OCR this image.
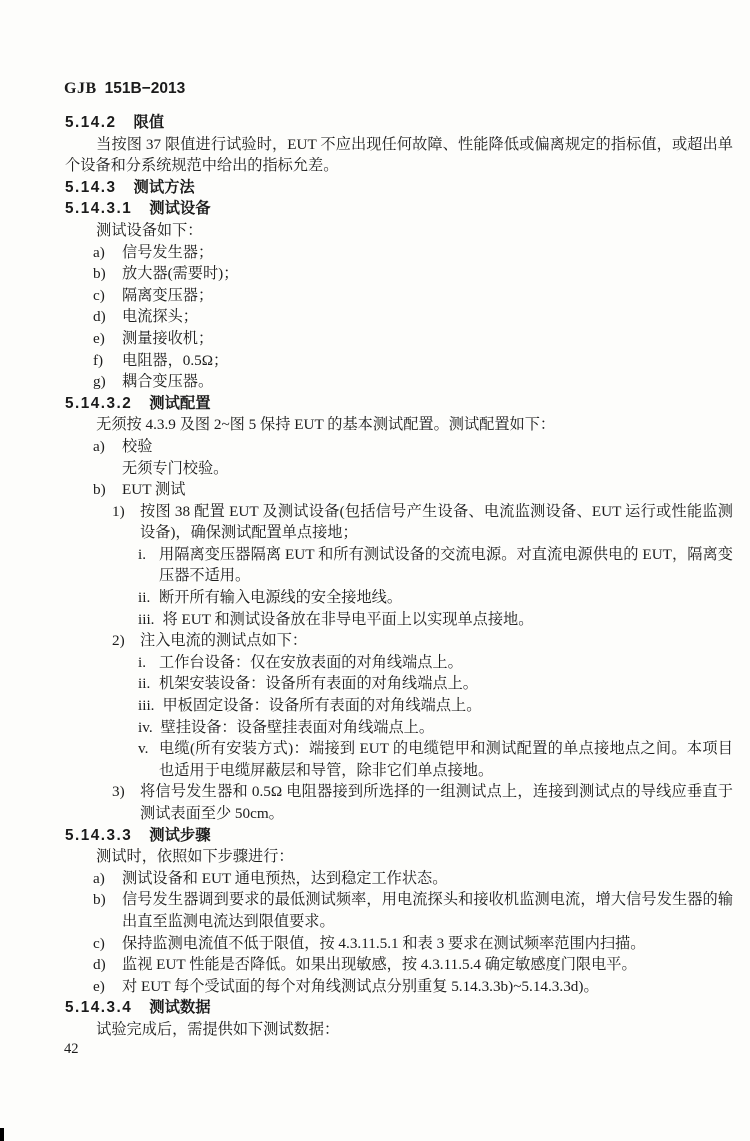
GJB 151B−2013
5.14.2 限值
当按图 37 限值进行试验时，EUT 不应出现任何故障、性能降低或偏离规定的指标值，或超出单个设备和分系统规范中给出的指标允差。
5.14.3 测试方法
5.14.3.1 测试设备
测试设备如下：
a)	信号发生器；
b)	放大器(需要时)；
c)	隔离变压器；
d)	电流探头；
e)	测量接收机；
f)	电阻器，0.5Ω；
g)	耦合变压器。
5.14.3.2 测试配置
无须按 4.3.9 及图 2~图 5 保持 EUT 的基本测试配置。测试配置如下：
a)	校验
无须专门校验。
b)	EUT 测试
1)	按图 38 配置 EUT 及测试设备(包括信号产生设备、电流监测设备、EUT 运行或性能监测设备)，确保测试配置单点接地；
i. 用隔离变压器隔离 EUT 和所有测试设备的交流电源。对直流电源供电的 EUT，隔离变压器不适用。
ii. 断开所有输入电源线的安全接地线。
iii. 将 EUT 和测试设备放在非导电平面上以实现单点接地。
2)	注入电流的测试点如下：
i. 工作台设备：仅在安放表面的对角线端点上。
ii. 机架安装设备：设备所有表面的对角线端点上。
iii. 甲板固定设备：设备所有表面的对角线端点上。
iv. 壁挂设备：设备壁挂表面对角线端点上。
v. 电缆(所有安装方式)：端接到 EUT 的电缆铠甲和测试配置的单点接地点之间。本项目也适用于电缆屏蔽层和导管，除非它们单点接地。
3)	将信号发生器和 0.5Ω 电阻器接到所选择的一组测试点上，连接到测试点的导线应垂直于测试表面至少 50cm。
5.14.3.3 测试步骤
测试时，依照如下步骤进行：
a)	测试设备和 EUT 通电预热，达到稳定工作状态。
b)	信号发生器调到要求的最低测试频率，用电流探头和接收机监测电流，增大信号发生器的输出直至监测电流达到限值要求。
c)	保持监测电流值不低于限值，按 4.3.11.5.1 和表 3 要求在测试频率范围内扫描。
d)	监视 EUT 性能是否降低。如果出现敏感，按 4.3.11.5.4 确定敏感度门限电平。
e)	对 EUT 每个受试面的每个对角线测试点分别重复 5.14.3.3b)~5.14.3.3d)。
5.14.3.4 测试数据
试验完成后，需提供如下测试数据：
42
